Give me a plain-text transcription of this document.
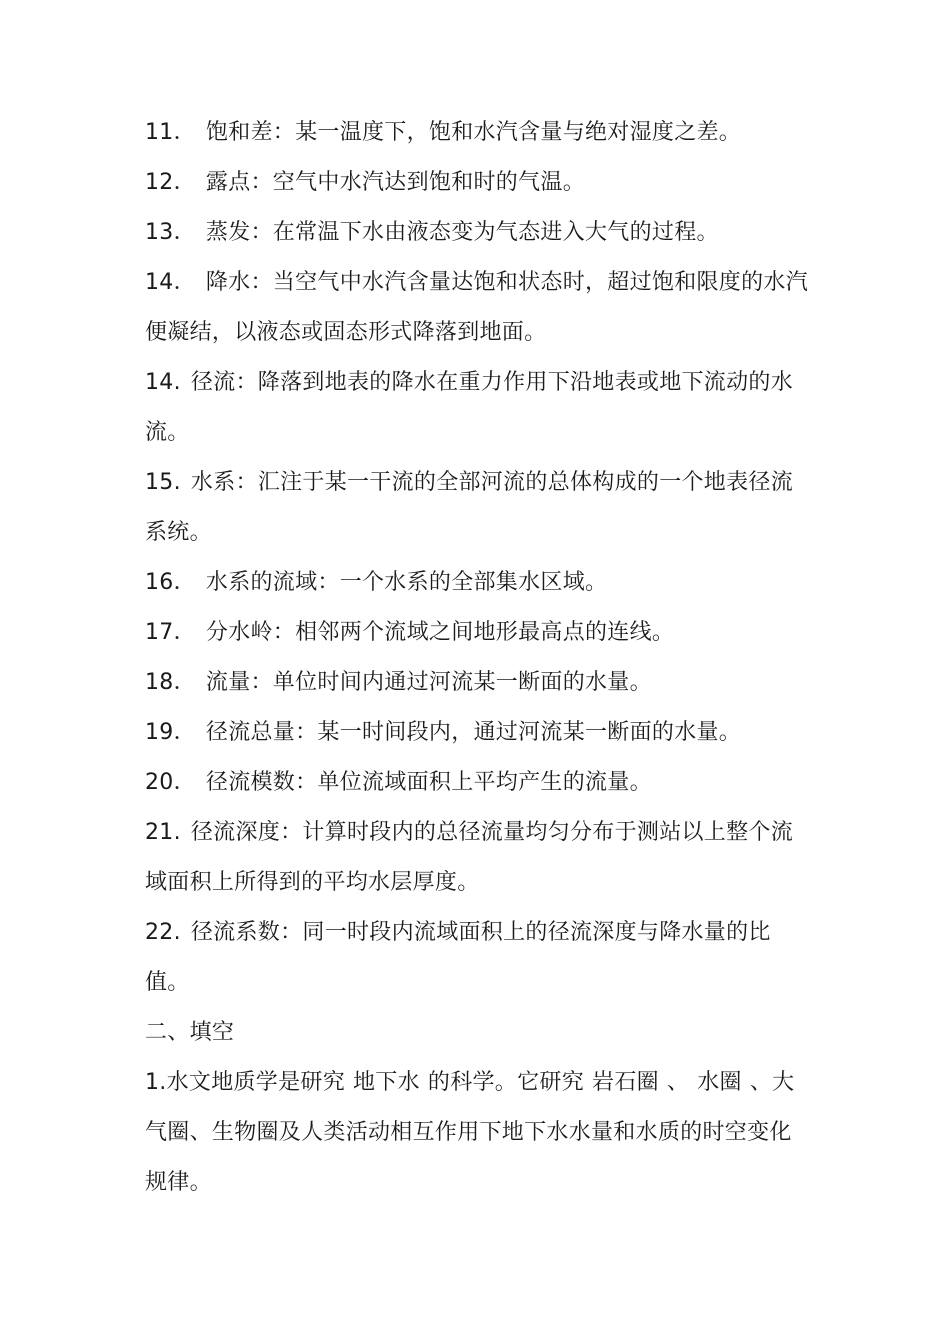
11． 饱和差：某一温度下，饱和水汽含量与绝对湿度之差。

12． 露点：空气中水汽达到饱和时的气温。

13． 蒸发：在常温下水由液态变为气态进入大气的过程。

14． 降水：当空气中水汽含量达饱和状态时，超过饱和限度的水汽便凝结，以液态或固态形式降落到地面。

14. 径流：降落到地表的降水在重力作用下沿地表或地下流动的水流。

15. 水系：汇注于某一干流的全部河流的总体构成的一个地表径流系统。

16． 水系的流域：一个水系的全部集水区域。

17． 分水岭：相邻两个流域之间地形最高点的连线。

18． 流量：单位时间内通过河流某一断面的水量。

19． 径流总量：某一时间段内，通过河流某一断面的水量。

20． 径流模数：单位流域面积上平均产生的流量。

21. 径流深度：计算时段内的总径流量均匀分布于测站以上整个流域面积上所得到的平均水层厚度。

22. 径流系数：同一时段内流域面积上的径流深度与降水量的比值。

二、填空

1.水文地质学是研究 地下水 的科学。它研究 岩石圈 、 水圈 、大气圈、生物圈及人类活动相互作用下地下水水量和水质的时空变化规律。
